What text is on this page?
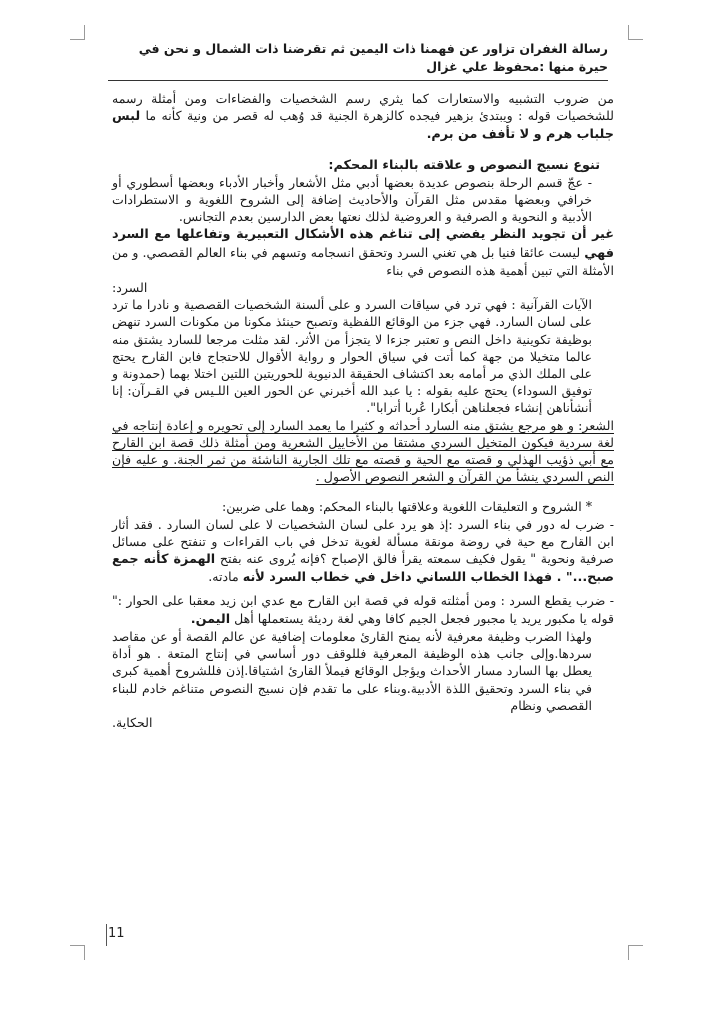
رسالة الغفران تزاور عن فهمنا ذات اليمين ثم تقرضنا ذات الشمال و نحن في حيرة منها :محفوظ علي غزال

من ضروب التشبيه والاستعارات كما يثري رسم الشخصيات والفضاءات ومن أمثلة رسمه للشخصيات قوله : ويبتدئ بزهير فيجده كالزهرة الجنية قد وُهب له قصر من ونية كأنه ما لبس جلباب هرم و لا تأفف من برم.

تنوع نسيج النصوص و علاقته بالبناء المحكم:

- عجّ قسم الرحلة بنصوص عديدة بعضها أدبي مثل الأشعار وأخبار الأدباء وبعضها أسطوري أو خرافي وبعضها مقدس مثل القرآن والأحاديث إضافة إلى الشروح اللغوية و الاستطرادات الأدبية و النحوية و الصرفية و العروضية لذلك نعتها بعض الدارسين بعدم التجانس.

غير أن تجويد النظر يفضي إلى تناغم هذه الأشكال التعبيرية وتفاعلها مع السرد فهي ليست عائقا فنيا بل هي تغني السرد وتحقق انسجامه وتسهم في بناء العالم القصصي. و من الأمثلة التي تبين أهمية هذه النصوص في بناء

السرد:

الآيات القرآنية : فهي ترد في سياقات السرد و على ألسنة الشخصيات القصصية و نادرا ما ترد على لسان السارد. فهي جزء من الوقائع اللفظية وتصبح حينئذ مكونا من مكونات السرد تنهض بوظيفة تكوينية داخل النص و تعتبر جزءا لا يتجزأ من الأثر. لقد مثلت مرجعا للسارد يشتق منه عالما متخيلا من جهة كما أتت في سياق الحوار و رواية الأقوال للاحتجاج فابن القارح يحتج على الملك الذي مر أمامه بعد اكتشاف الحقيقة الدنيوية للحوريتين اللتين اختلا بهما (حمدونة و توفيق السوداء) يحتج عليه بقوله : يا عبد الله أخبرني عن الحور العين اللـيس في القـرآن: إنا أنشأناهن إنشاء فجعلناهن أبكارا عُربا أترابا".

الشعر: و هو مرجع يشتق منه السارد أحداثه و كثيرا ما يعمد السارد إلى تحويره و إعادة إنتاجه في لغة سردية فيكون المتخيل السردي مشتقا من الأخاييل الشعرية ومن أمثلة ذلك قصة ابن القارح مع أبي ذؤيب الهذلي و قصته مع الحية و قصته مع تلك الجارية الناشئة من ثمر الجنة. و عليه فإن النص السردي ينشأ من القرآن و الشعر النصوص الأصول .

* الشروح و التعليقات اللغوية وعلاقتها بالبناء المحكم: وهما على ضربين:

- ضرب له دور في بناء السرد :إذ هو يرد على لسان الشخصيات لا على لسان السارد . فقد أثار ابن القارح مع حية في روضة مونقة مسألة لغوية تدخل في باب القراءات و تنفتح على مسائل صرفية ونحوية " يقول فكيف سمعته يقرأ فالق الإصباح ؟فإنه يُروى عنه بفتح الهمزة كأنه جمع صبح..." . فهذا الخطاب اللساني داخل في خطاب السرد لأنه مادته.

- ضرب يقطع السرد : ومن أمثلته قوله في قصة ابن القارح مع عدي ابن زيد معقبا على الحوار :" قوله يا مكبور يريد يا مجبور فجعل الجيم كافا وهي لغة رديئة يستعملها أهل اليمن.

ولهذا الضرب وظيفة معرفية لأنه يمنح القارئ معلومات إضافية عن عالم القصة أو عن مقاصد سردها.وإلى جانب هذه الوظيفة المعرفية فللوقف دور أساسي في إنتاج المتعة . هو أداة يعطل بها السارد مسار الأحداث ويؤجل الوقائع فيملأ القارئ اشتياقا.إذن فللشروح أهمية كبرى في بناء السرد وتحقيق اللذة الأدبية.وبناء على ما تقدم فإن نسيج النصوص متناغم خادم للبناء القصصي ونظام

الحكاية.

11
